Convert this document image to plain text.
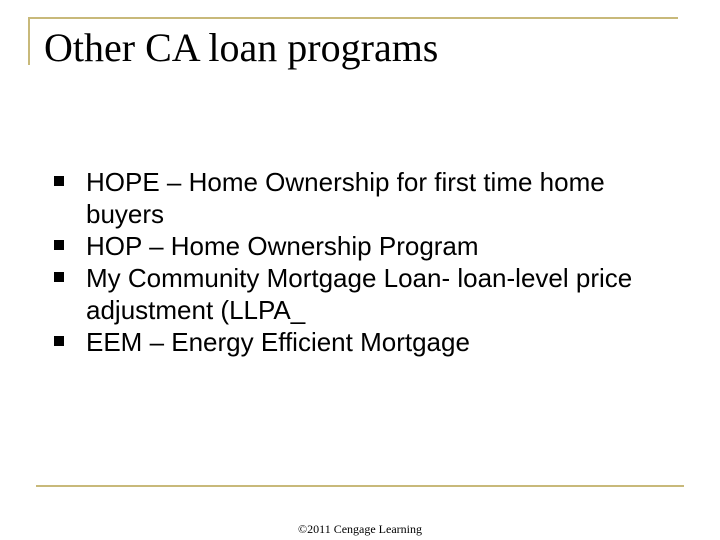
Other CA loan programs
HOPE – Home Ownership for first time home buyers
HOP – Home Ownership Program
My Community Mortgage Loan- loan-level price adjustment (LLPA_
EEM – Energy Efficient Mortgage
©2011 Cengage Learning
